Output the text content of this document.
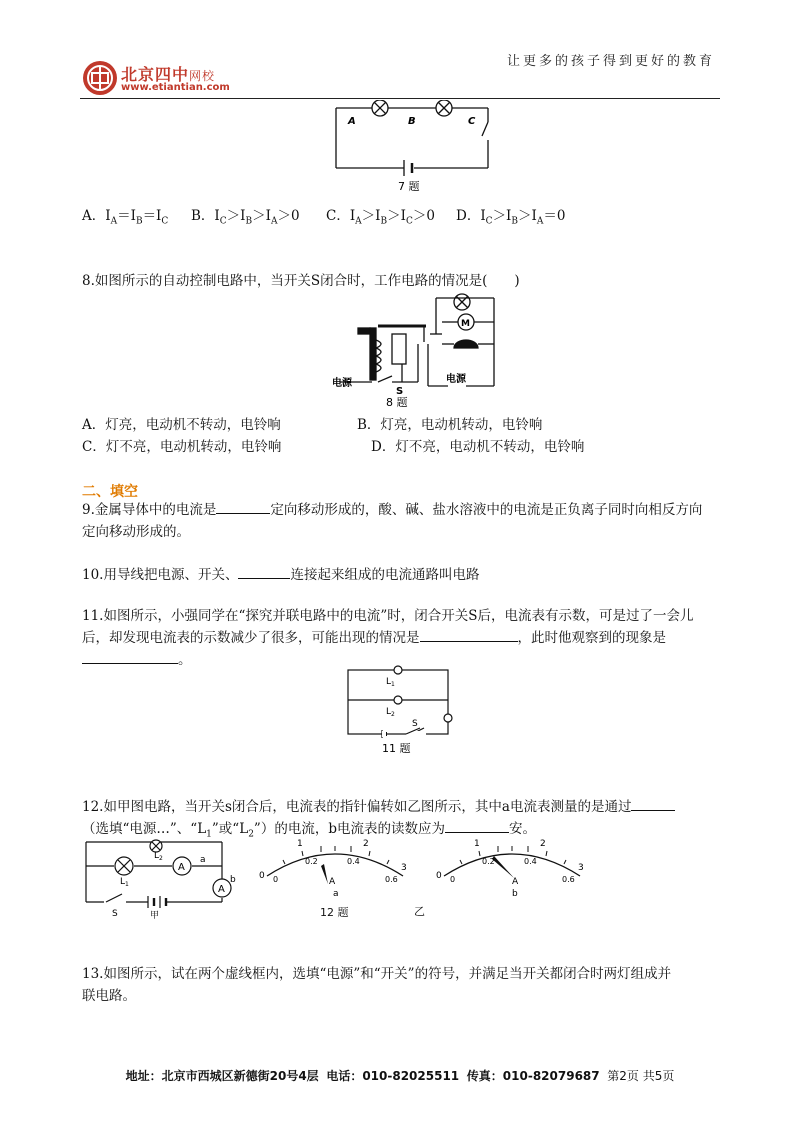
北京四中网校
www.etiantian.com
让更多的孩子得到更好的教育
A	B	C
7 题
A．$I_A=I_B=I_C$ B．$I_C>I_B>I_A>0$ C．$I_A>I_B>I_C>0$ D．$I_C>I_B>I_A=0$
8.如图所示的自动控制电路中，当开关S闭合时，工作电路的情况是(　　)
M
电源
S
电源
8 题
A．灯亮，电动机不转动，电铃响	B．灯亮，电动机转动，电铃响
C．灯不亮，电动机转动，电铃响	D．灯不亮，电动机不转动，电铃响
二、填空
9.金属导体中的电流是	定向移动形成的，酸、碱、盐水溶液中的电流是正负离子同时向相反方向
定向移动形成的。
10.用导线把电源、开关、	连接起来组成的电流通路叫电路
11.如图所示，小强同学在“探究并联电路中的电流”时，闭合开关S后，电流表有示数，可是过了一会儿
后，却发现电流表的示数减少了很多，可能出现的情况是	，此时他观察到的现象是
。
$L_1$
$L_2$
S
11 题
12.如甲图电路，当开关s闭合后，电流表的指针偏转如乙图所示，其中a电流表测量的是通过
（选填“电源…”、“$L_1$”或“$L_2$”）的电流，b电流表的读数应为	安。
A
A
a
b
$L_2$
$L_1$
S	甲
1	2
0.2	0.4
0
3
0.6
0	A
a
12 题	乙
1	2
0.2	0.4
0
3
0.6
0	A
b
13.如图所示，试在两个虚线框内，选填“电源”和“开关”的符号，并满足当开关都闭合时两灯组成并
联电路。
地址：北京市西城区新德街20号4层 电话：010-82025511 传真：010-82079687 第2页 共5页
